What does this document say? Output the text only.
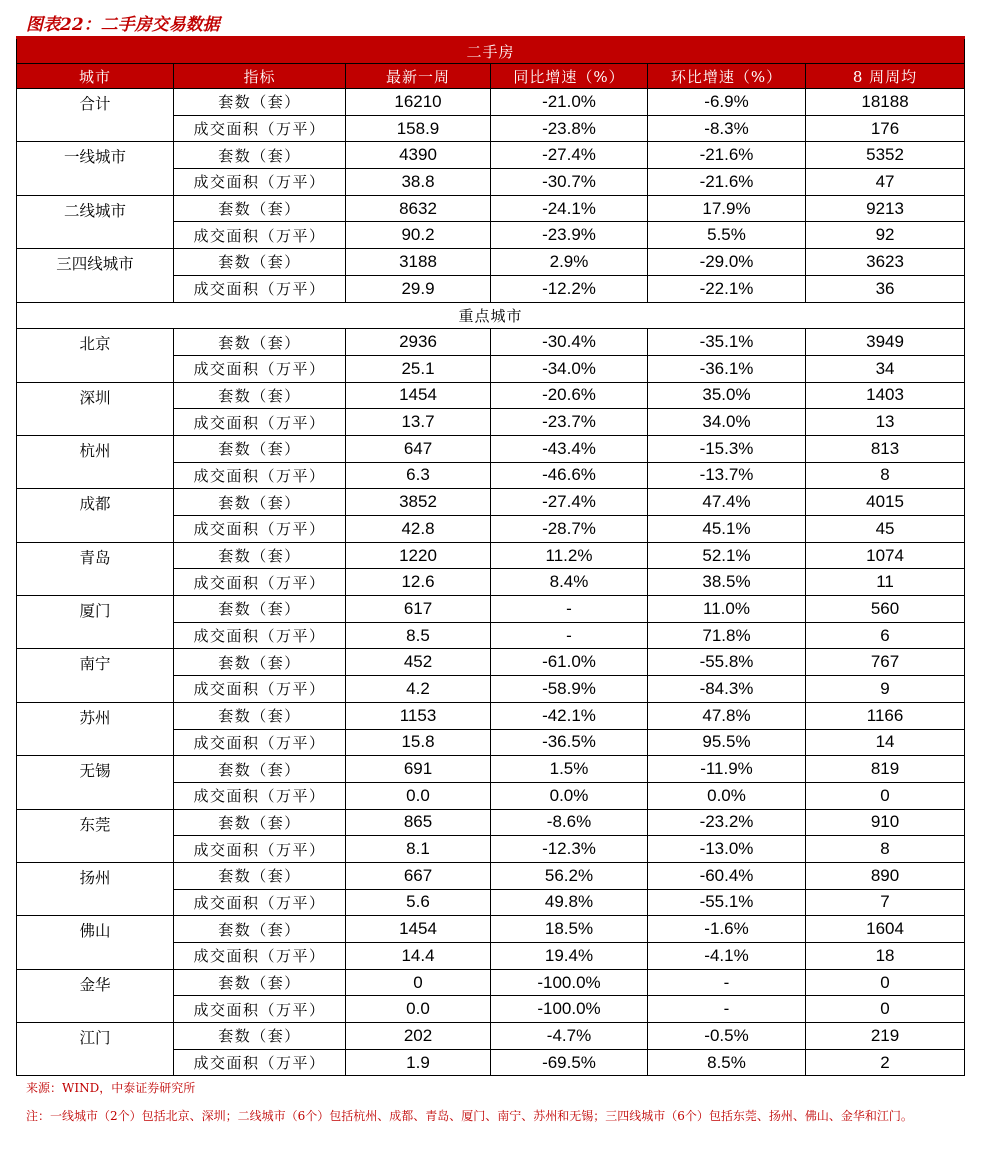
图表22：二手房交易数据
二手房					
城市	指标	最新一周	同比增速（%）	环比增速（%）	8 周周均
合计	套数（套）	16210	-21.0%	-6.9%	18188
	成交面积（万平）	158.9	-23.8%	-8.3%	176
一线城市	套数（套）	4390	-27.4%	-21.6%	5352
	成交面积（万平）	38.8	-30.7%	-21.6%	47
二线城市	套数（套）	8632	-24.1%	17.9%	9213
	成交面积（万平）	90.2	-23.9%	5.5%	92
三四线城市	套数（套）	3188	2.9%	-29.0%	3623
	成交面积（万平）	29.9	-12.2%	-22.1%	36
重点城市					
北京	套数（套）	2936	-30.4%	-35.1%	3949
	成交面积（万平）	25.1	-34.0%	-36.1%	34
深圳	套数（套）	1454	-20.6%	35.0%	1403
	成交面积（万平）	13.7	-23.7%	34.0%	13
杭州	套数（套）	647	-43.4%	-15.3%	813
	成交面积（万平）	6.3	-46.6%	-13.7%	8
成都	套数（套）	3852	-27.4%	47.4%	4015
	成交面积（万平）	42.8	-28.7%	45.1%	45
青岛	套数（套）	1220	11.2%	52.1%	1074
	成交面积（万平）	12.6	8.4%	38.5%	11
厦门	套数（套）	617	-	11.0%	560
	成交面积（万平）	8.5	-	71.8%	6
南宁	套数（套）	452	-61.0%	-55.8%	767
	成交面积（万平）	4.2	-58.9%	-84.3%	9
苏州	套数（套）	1153	-42.1%	47.8%	1166
	成交面积（万平）	15.8	-36.5%	95.5%	14
无锡	套数（套）	691	1.5%	-11.9%	819
	成交面积（万平）	0.0	0.0%	0.0%	0
东莞	套数（套）	865	-8.6%	-23.2%	910
	成交面积（万平）	8.1	-12.3%	-13.0%	8
扬州	套数（套）	667	56.2%	-60.4%	890
	成交面积（万平）	5.6	49.8%	-55.1%	7
佛山	套数（套）	1454	18.5%	-1.6%	1604
	成交面积（万平）	14.4	19.4%	-4.1%	18
金华	套数（套）	0	-100.0%	-	0
	成交面积（万平）	0.0	-100.0%	-	0
江门	套数（套）	202	-4.7%	-0.5%	219
	成交面积（万平）	1.9	-69.5%	8.5%	2
来源：WIND，中泰证券研究所
注：一线城市（2个）包括北京、深圳；二线城市（6个）包括杭州、成都、青岛、厦门、南宁、苏州和无锡；三四线城市（6个）包括东莞、扬州、佛山、金华和江门。
